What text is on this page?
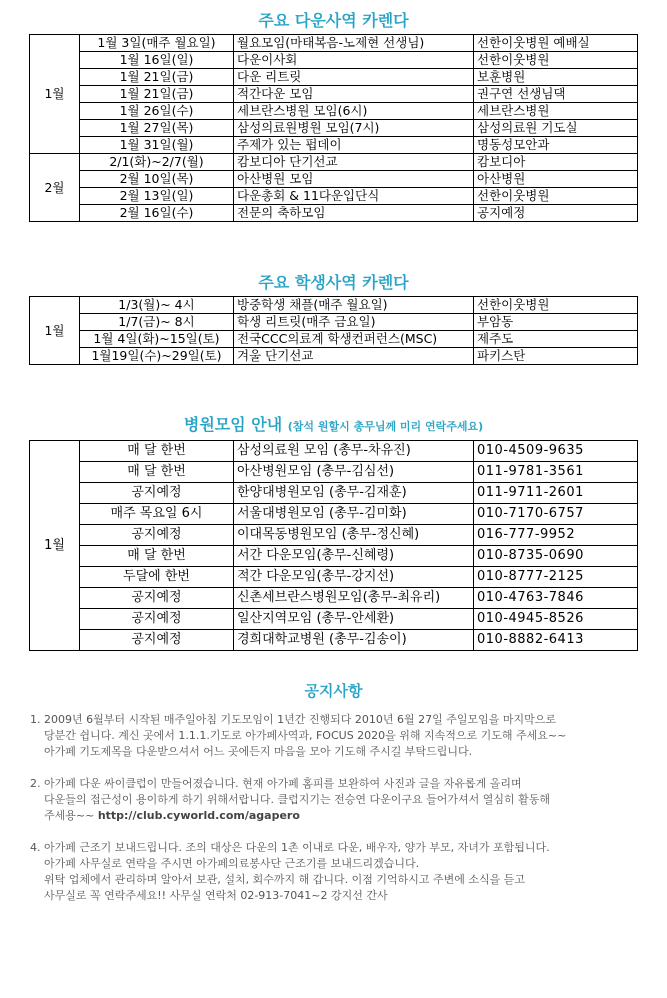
주요 다운사역 카렌다
1월	1월 3일(매주 월요일)	월요모임(마태복음-노제현 선생님)	선한이웃병원 예배실
	1월 16일(일)	다운이사회	선한이웃병원
	1월 21일(금)	다운 리트릿	보훈병원
	1월 21일(금)	적간다운 모임	권구연 선생님댁
	1월 26일(수)	세브란스병원 모임(6시)	세브란스병원
	1월 27일(목)	삼성의료원병원 모임(7시)	삼성의료원 기도실
	1월 31일(월)	주제가 있는 펍데이	명동성모안과
2월	2/1(화)~2/7(월)	캄보디아 단기선교	캄보디아
	2월 10일(목)	아산병원 모임	아산병원
	2월 13일(일)	다운총회 & 11다운입단식	선한이웃병원
	2월 16일(수)	전문의 축하모임	공지예정
주요 학생사역 카렌다
1월	1/3(월)~ 4시	방중학생 채플(매주 월요일)	선한이웃병원
	1/7(금)~ 8시	학생 리트릿(매주 금요일)	부암동
	1월 4일(화)~15일(토)	전국CCC의료계 학생컨퍼런스(MSC)	제주도
	1월19일(수)~29일(토)	겨울 단기선교	파키스탄
병원모임 안내 (참석 원할시 총무님께 미리 연락주세요)
1월	매 달 한번	삼성의료원 모임 (총무-차유진)	010-4509-9635
	매 달 한번	아산병원모임 (총무-김심선)	011-9781-3561
	공지예정	한양대병원모임 (총무-김재훈)	011-9711-2601
	매주 목요일 6시	서울대병원모임 (총무-김미화)	010-7170-6757
	공지예정	이대목동병원모임 (총무-정신혜)	016-777-9952
	매 달 한번	서간 다운모임(총무-신혜령)	010-8735-0690
	두달에 한번	적간 다운모임(총무-강지선)	010-8777-2125
	공지예정	신촌세브란스병원모임(총무-최유리)	010-4763-7846
	공지예정	일산지역모임 (총무-안세환)	010-4945-8526
	공지예정	경희대학교병원 (총무-김송이)	010-8882-6413
공지사항
1. 2009년 6월부터 시작된 매주일아침 기도모임이 1년간 진행되다 2010년 6월 27일 주일모임을 마지막으로
당분간 쉽니다. 계신 곳에서 1.1.1.기도로 아가페사역과, FOCUS 2020을 위해 지속적으로 기도해 주세요~~
아가페 기도제목을 다운받으셔서 어느 곳에든지 마음을 모아 기도해 주시길 부탁드립니다.
2. 아가페 다운 싸이클럽이 만들어졌습니다. 현재 아가페 홈피를 보완하여 사진과 글을 자유롭게 올리며
다운들의 접근성이 용이하게 하기 위해서랍니다. 클럽지기는 전승연 다운이구요 들어가셔서 열심히 활동해
주세용~~ http://club.cyworld.com/agapero
4. 아가페 근조기 보내드립니다. 조의 대상은 다운의 1촌 이내로 다운, 배우자, 양가 부모, 자녀가 포함됩니다.
아가페 사무실로 연락을 주시면 아가페의료봉사단 근조기를 보내드리겠습니다.
위탁 업체에서 관리하며 알아서 보관, 설치, 회수까지 해 갑니다. 이점 기억하시고 주변에 소식을 듣고
사무실로 꼭 연락주세요!! 사무실 연락처 02-913-7041~2 강지선 간사
